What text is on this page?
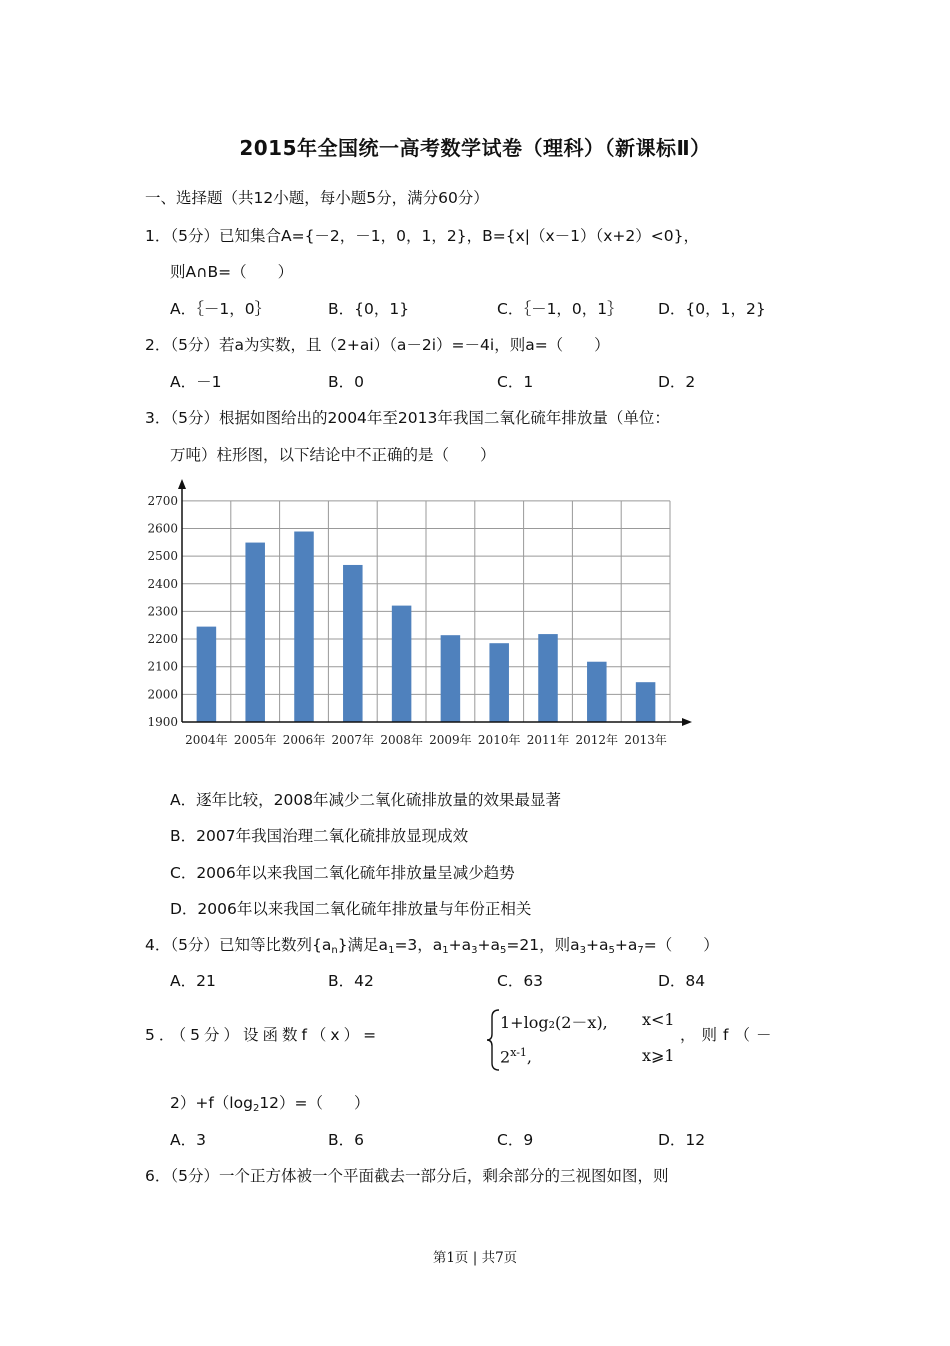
2015年全国统一高考数学试卷（理科）（新课标Ⅱ）
一、选择题（共12小题，每小题5分，满分60分）
1．（5分）已知集合A={－2，－1，0，1，2}，B={x|（x－1）（x+2）<0}，
则A∩B=（　　）
A．｛－1，0｝	B．{0，1}	C．｛－1，0，1｝ D．{0，1，2}
2．（5分）若a为实数，且（2+ai）（a－2i）=－4i，则a=（　　）
A．－1	B．0	C．1	D．2
3．（5分）根据如图给出的2004年至2013年我国二氧化硫年排放量（单位：
万吨）柱形图，以下结论中不正确的是（　　）
1900
2000
2100
2200
2300
2400
2500
2600
2700
2004年 2005年 2006年 2007年 2008年 2009年 2010年 2011年 2012年 2013年
A．逐年比较，2008年减少二氧化硫排放量的效果最显著
B．2007年我国治理二氧化硫排放显现成效
C．2006年以来我国二氧化硫年排放量呈减少趋势
D．2006年以来我国二氧化硫年排放量与年份正相关
4．（5分）已知等比数列$\{a_n\}$满足$a_1=3$，$a_1+a_3+a_5=21$，则$a_3+a_5+a_7=$（　　）
A．21	B．42	C．63	D．84
5．（5分）设函数f（x）=
1+log₂(2－x), x<1
2$^{x-1}$,	x⩾1
，则f（－
$2)+f(\log_212)=$（　　）
A．3	B．6	C．9	D．12
6．（5分）一个正方体被一个平面截去一部分后，剩余部分的三视图如图，则
第1页 | 共7页
